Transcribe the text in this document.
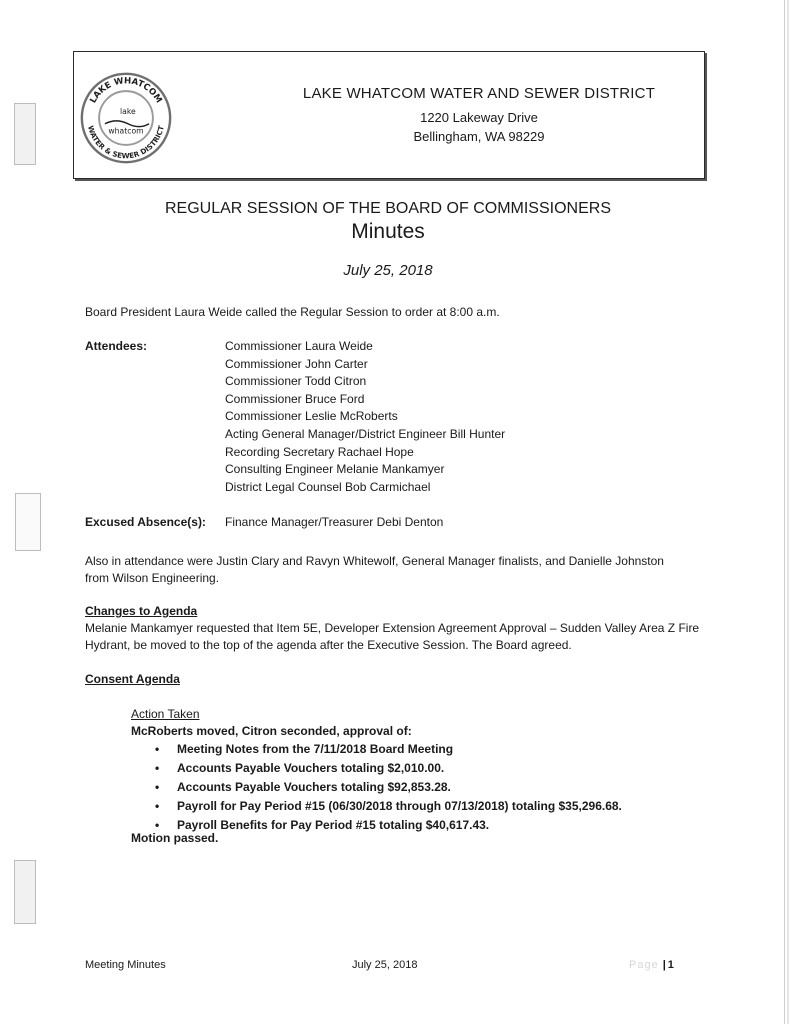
LAKE WHATCOM
WATER & SEWER DISTRICT
lake
whatcom
LAKE WHATCOM WATER AND SEWER DISTRICT
1220 Lakeway Drive
Bellingham, WA 98229
REGULAR SESSION OF THE BOARD OF COMMISSIONERS
Minutes
July 25, 2018
Board President Laura Weide called the Regular Session to order at 8:00 a.m.
Attendees:	Commissioner Laura Weide
Commissioner John Carter
Commissioner Todd Citron
Commissioner Bruce Ford
Commissioner Leslie McRoberts
Acting General Manager/District Engineer Bill Hunter
Recording Secretary Rachael Hope
Consulting Engineer Melanie Mankamyer
District Legal Counsel Bob Carmichael
Excused Absence(s): Finance Manager/Treasurer Debi Denton
Also in attendance were Justin Clary and Ravyn Whitewolf, General Manager finalists, and Danielle Johnston from Wilson Engineering.
Changes to Agenda
Melanie Mankamyer requested that Item 5E, Developer Extension Agreement Approval – Sudden Valley Area Z Fire Hydrant, be moved to the top of the agenda after the Executive Session. The Board agreed.
Consent Agenda
Action Taken
McRoberts moved, Citron seconded, approval of:
• Meeting Notes from the 7/11/2018 Board Meeting
• Accounts Payable Vouchers totaling $2,010.00.
• Accounts Payable Vouchers totaling $92,853.28.
• Payroll for Pay Period #15 (06/30/2018 through 07/13/2018) totaling $35,296.68.
• Payroll Benefits for Pay Period #15 totaling $40,617.43.
Motion passed.
Meeting Minutes	July 25, 2018	Page | 1
